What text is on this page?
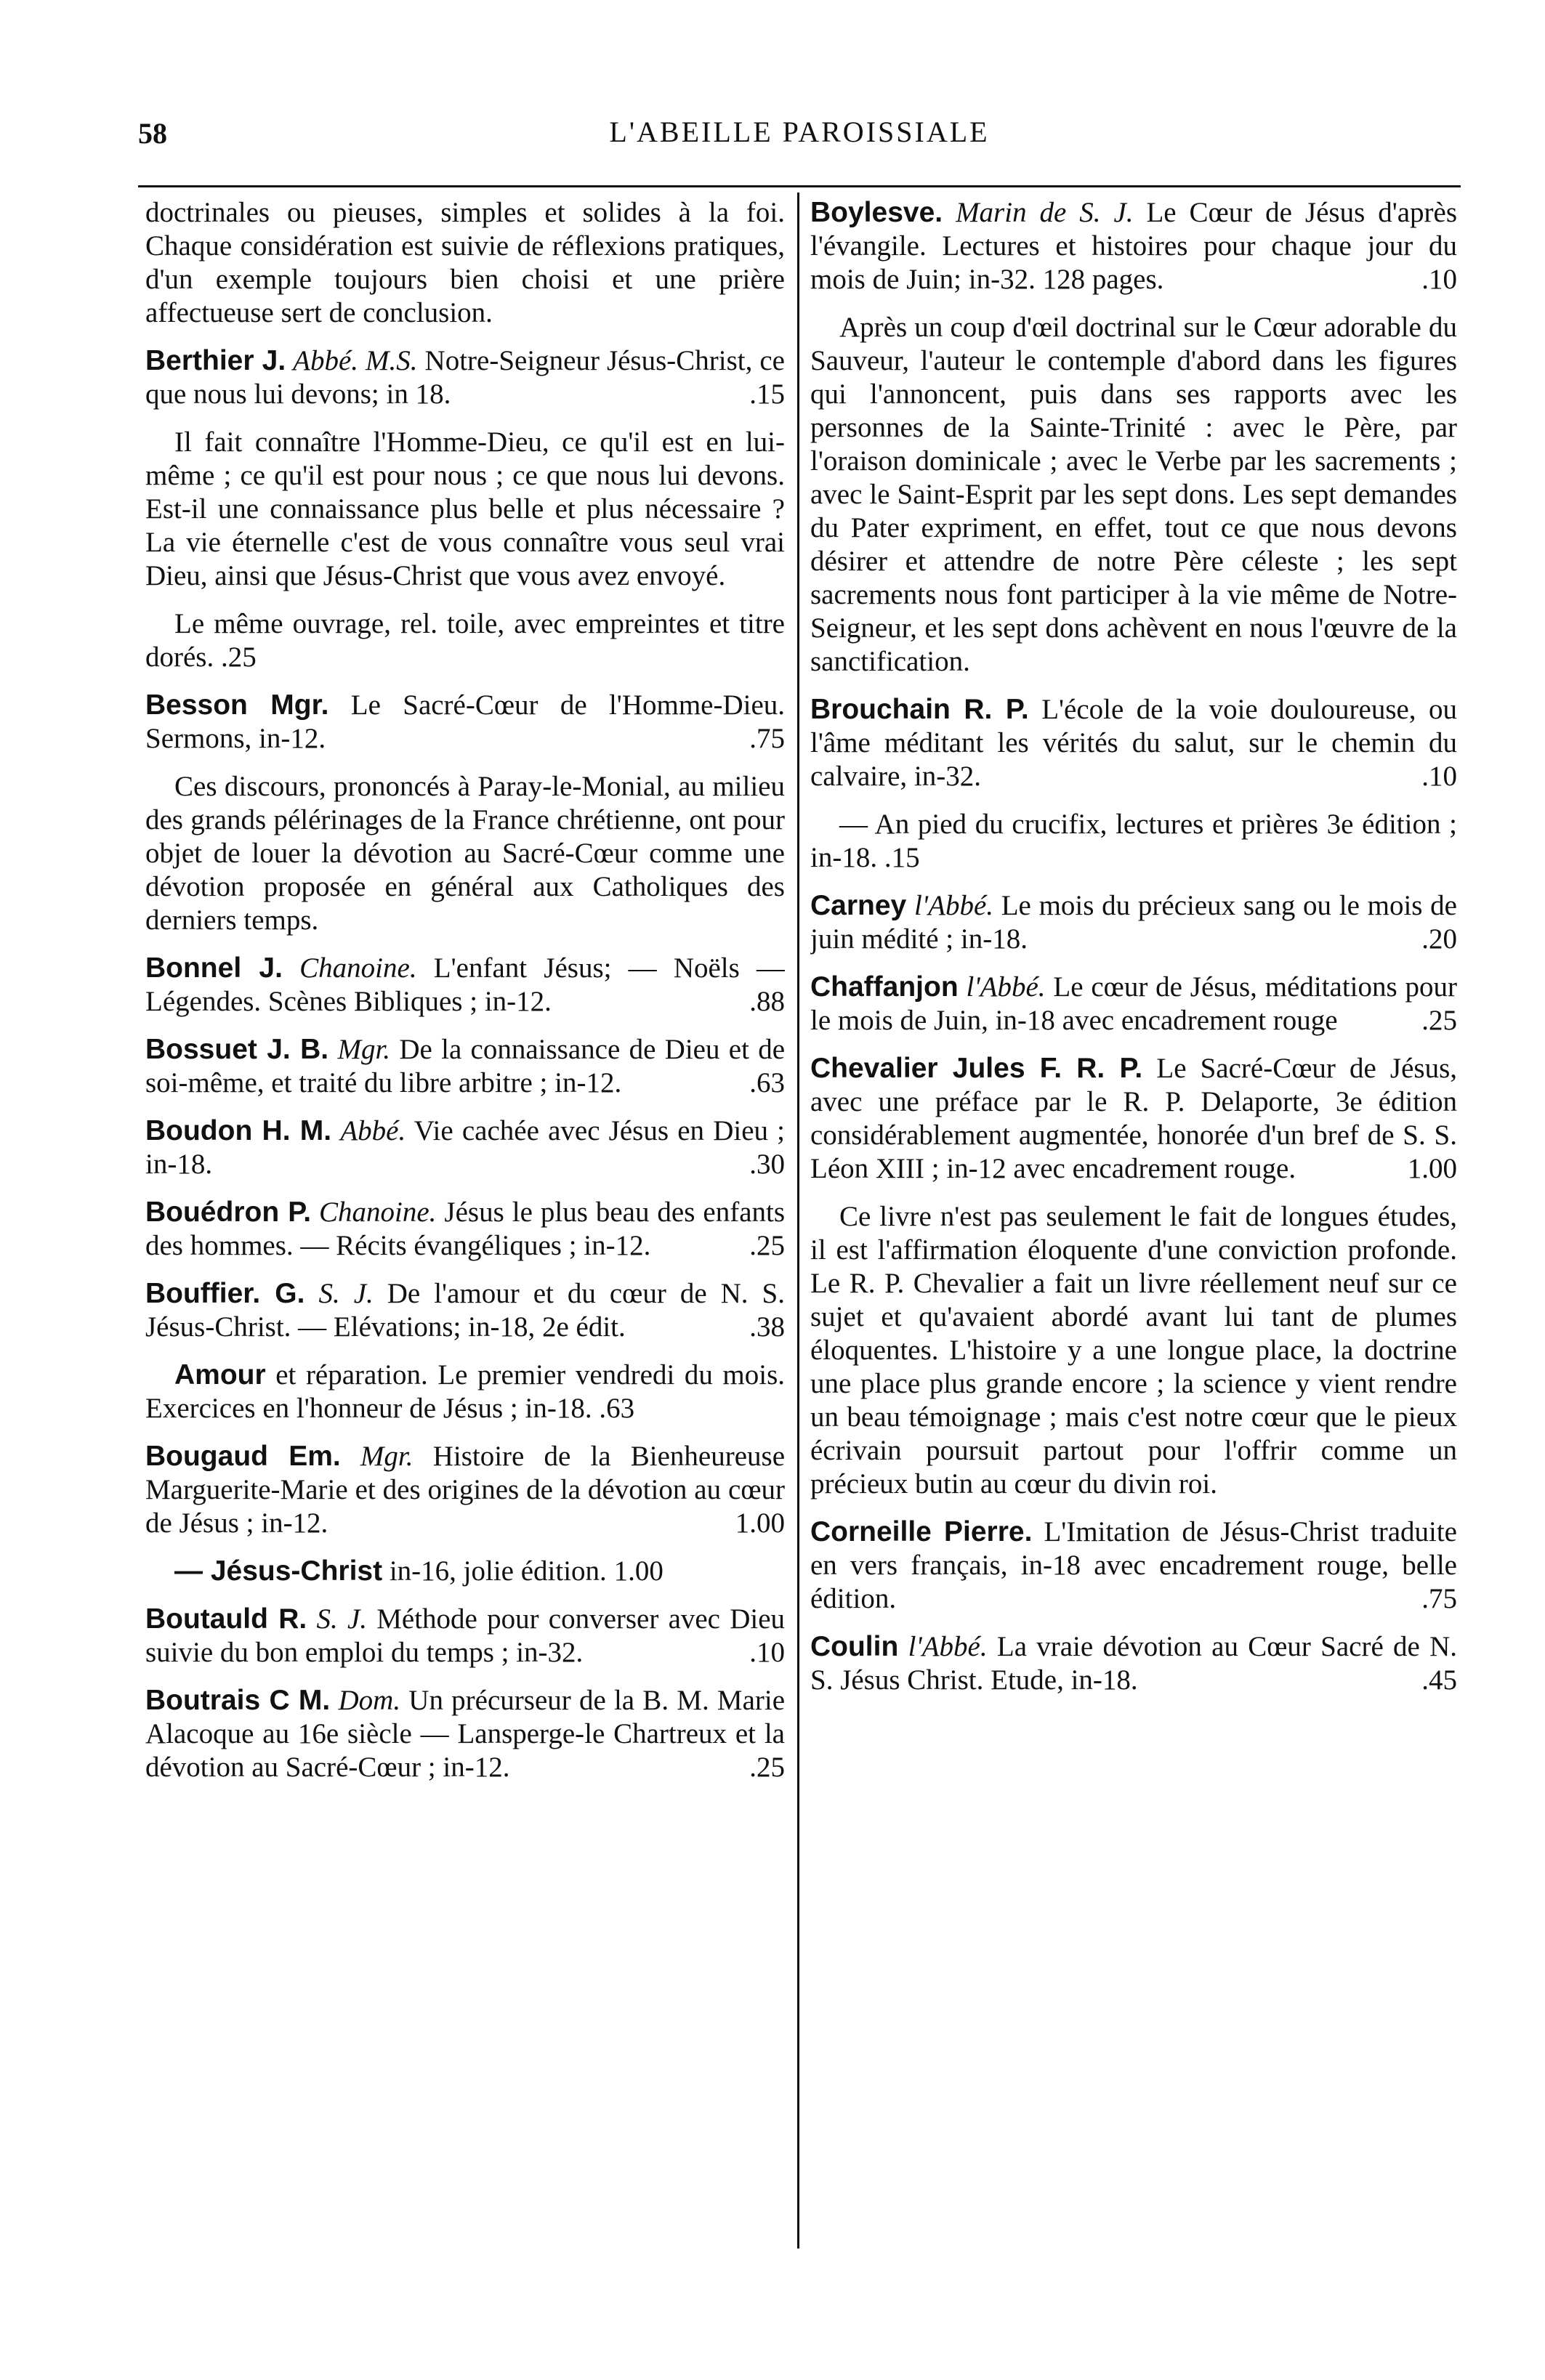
58	L'ABEILLE PAROISSIALE

doctrinales ou pieuses, simples et solides à la foi. Chaque considération est suivie de réflexions pratiques, d'un exemple toujours bien choisi et une prière affectueuse sert de conclusion.

Berthier J. Abbé. M.S. Notre-Seigneur Jésus-Christ, ce que nous lui devons; in 18.	.15

Il fait connaître l'Homme-Dieu, ce qu'il est en lui-même ; ce qu'il est pour nous ; ce que nous lui devons. Est-il une connaissance plus belle et plus nécessaire ? La vie éternelle c'est de vous connaître vous seul vrai Dieu, ainsi que Jésus-Christ que vous avez envoyé.

Le même ouvrage, rel. toile, avec empreintes et titre dorés. .25

Besson Mgr. Le Sacré-Cœur de l'Homme-Dieu. Sermons, in-12.	.75

Ces discours, prononcés à Paray-le-Monial, au milieu des grands pélérinages de la France chrétienne, ont pour objet de louer la dévotion au Sacré-Cœur comme une dévotion proposée en général aux Catholiques des derniers temps.

Bonnel J. Chanoine. L'enfant Jésus; — Noëls — Légendes. Scènes Bibliques ; in-12.	.88

Bossuet J. B. Mgr. De la connaissance de Dieu et de soi-même, et traité du libre arbitre ; in-12.	.63

Boudon H. M. Abbé. Vie cachée avec Jésus en Dieu ; in-18.	.30

Bouédron P. Chanoine. Jésus le plus beau des enfants des hommes. — Récits évangéliques ; in-12.	.25

Bouffier. G. S. J. De l'amour et du cœur de N. S. Jésus-Christ. — Elévations; in-18, 2e édit.	.38

Amour et réparation. Le premier vendredi du mois. Exercices en l'honneur de Jésus ; in-18. .63

Bougaud Em. Mgr. Histoire de la Bienheureuse Marguerite-Marie et des origines de la dévotion au cœur de Jésus ; in-12.	1.00

— Jésus-Christ in-16, jolie édition. 1.00

Boutauld R. S. J. Méthode pour converser avec Dieu suivie du bon emploi du temps ; in-32.	.10

Boutrais C M. Dom. Un précurseur de la B. M. Marie Alacoque au 16e siècle — Lansperge-le Chartreux et la dévotion au Sacré-Cœur ; in-12.	.25

Boylesve. Marin de S. J. Le Cœur de Jésus d'après l'évangile. Lectures et histoires pour chaque jour du mois de Juin; in-32. 128 pages.	.10

Après un coup d'œil doctrinal sur le Cœur adorable du Sauveur, l'auteur le contemple d'abord dans les figures qui l'annoncent, puis dans ses rapports avec les personnes de la Sainte-Trinité : avec le Père, par l'oraison dominicale ; avec le Verbe par les sacrements ; avec le Saint-Esprit par les sept dons. Les sept demandes du Pater expriment, en effet, tout ce que nous devons désirer et attendre de notre Père céleste ; les sept sacrements nous font participer à la vie même de Notre-Seigneur, et les sept dons achèvent en nous l'œuvre de la sanctification.

Brouchain R. P. L'école de la voie douloureuse, ou l'âme méditant les vérités du salut, sur le chemin du calvaire, in-32.	.10

— An pied du crucifix, lectures et prières 3e édition ; in-18. .15

Carney l'Abbé. Le mois du précieux sang ou le mois de juin médité ; in-18.	.20

Chaffanjon l'Abbé. Le cœur de Jésus, méditations pour le mois de Juin, in-18 avec encadrement rouge	.25

Chevalier Jules F. R. P. Le Sacré-Cœur de Jésus, avec une préface par le R. P. Delaporte, 3e édition considérablement augmentée, honorée d'un bref de S. S. Léon XIII ; in-12 avec encadrement rouge.	1.00

Ce livre n'est pas seulement le fait de longues études, il est l'affirmation éloquente d'une conviction profonde. Le R. P. Chevalier a fait un livre réellement neuf sur ce sujet et qu'avaient abordé avant lui tant de plumes éloquentes. L'histoire y a une longue place, la doctrine une place plus grande encore ; la science y vient rendre un beau témoignage ; mais c'est notre cœur que le pieux écrivain poursuit partout pour l'offrir comme un précieux butin au cœur du divin roi.

Corneille Pierre. L'Imitation de Jésus-Christ traduite en vers français, in-18 avec encadrement rouge, belle édition.	.75

Coulin l'Abbé. La vraie dévotion au Cœur Sacré de N. S. Jésus Christ. Etude, in-18.	.45
